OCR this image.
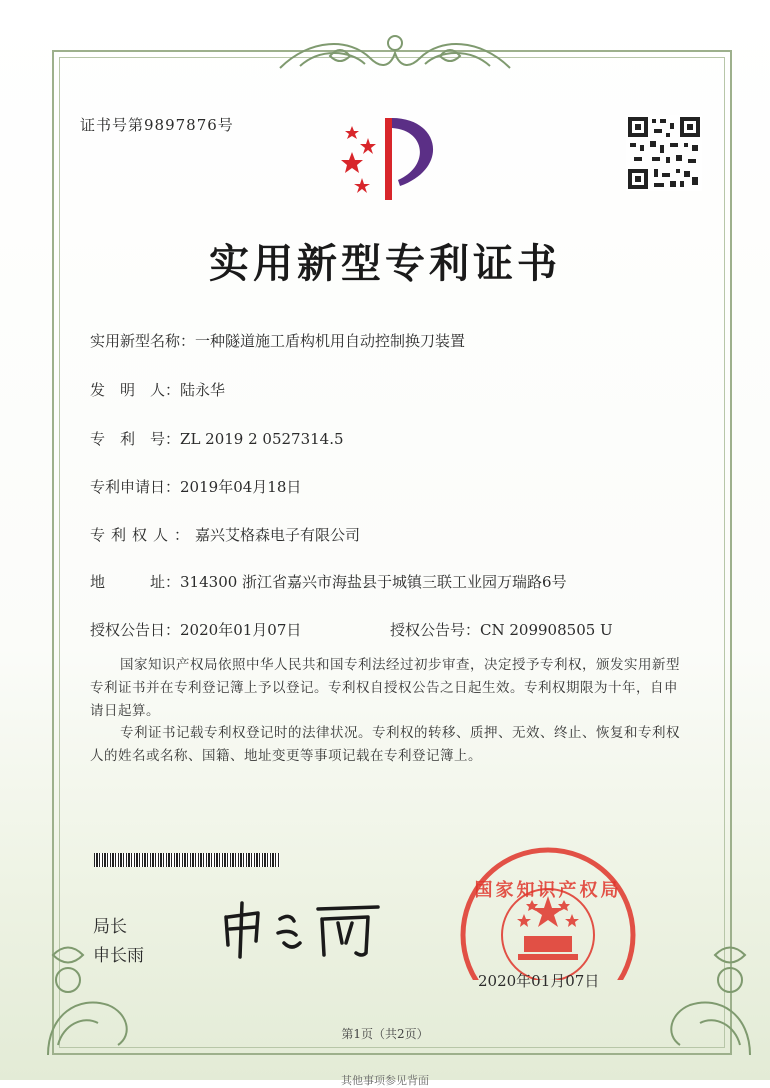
证书号第9897876号
实用新型专利证书
实用新型名称：一种隧道施工盾构机用自动控制换刀装置
发　明　人：陆永华
专　利　号：ZL 2019 2 0527314.5
专利申请日：2019年04月18日
专利权人：嘉兴艾格森电子有限公司
地　　　址：314300 浙江省嘉兴市海盐县于城镇三联工业园万瑞路6号
授权公告日：2020年01月07日	授权公告号：CN 209908505 U
国家知识产权局依照中华人民共和国专利法经过初步审查，决定授予专利权，颁发实用新型专利证书并在专利登记簿上予以登记。专利权自授权公告之日起生效。专利权期限为十年，自申请日起算。
专利证书记载专利权登记时的法律状况。专利权的转移、质押、无效、终止、恢复和专利权人的姓名或名称、国籍、地址变更等事项记载在专利登记簿上。
局长
申长雨
国家知识产权局
2020年01月07日
第1页（共2页）
其他事项参见背面
